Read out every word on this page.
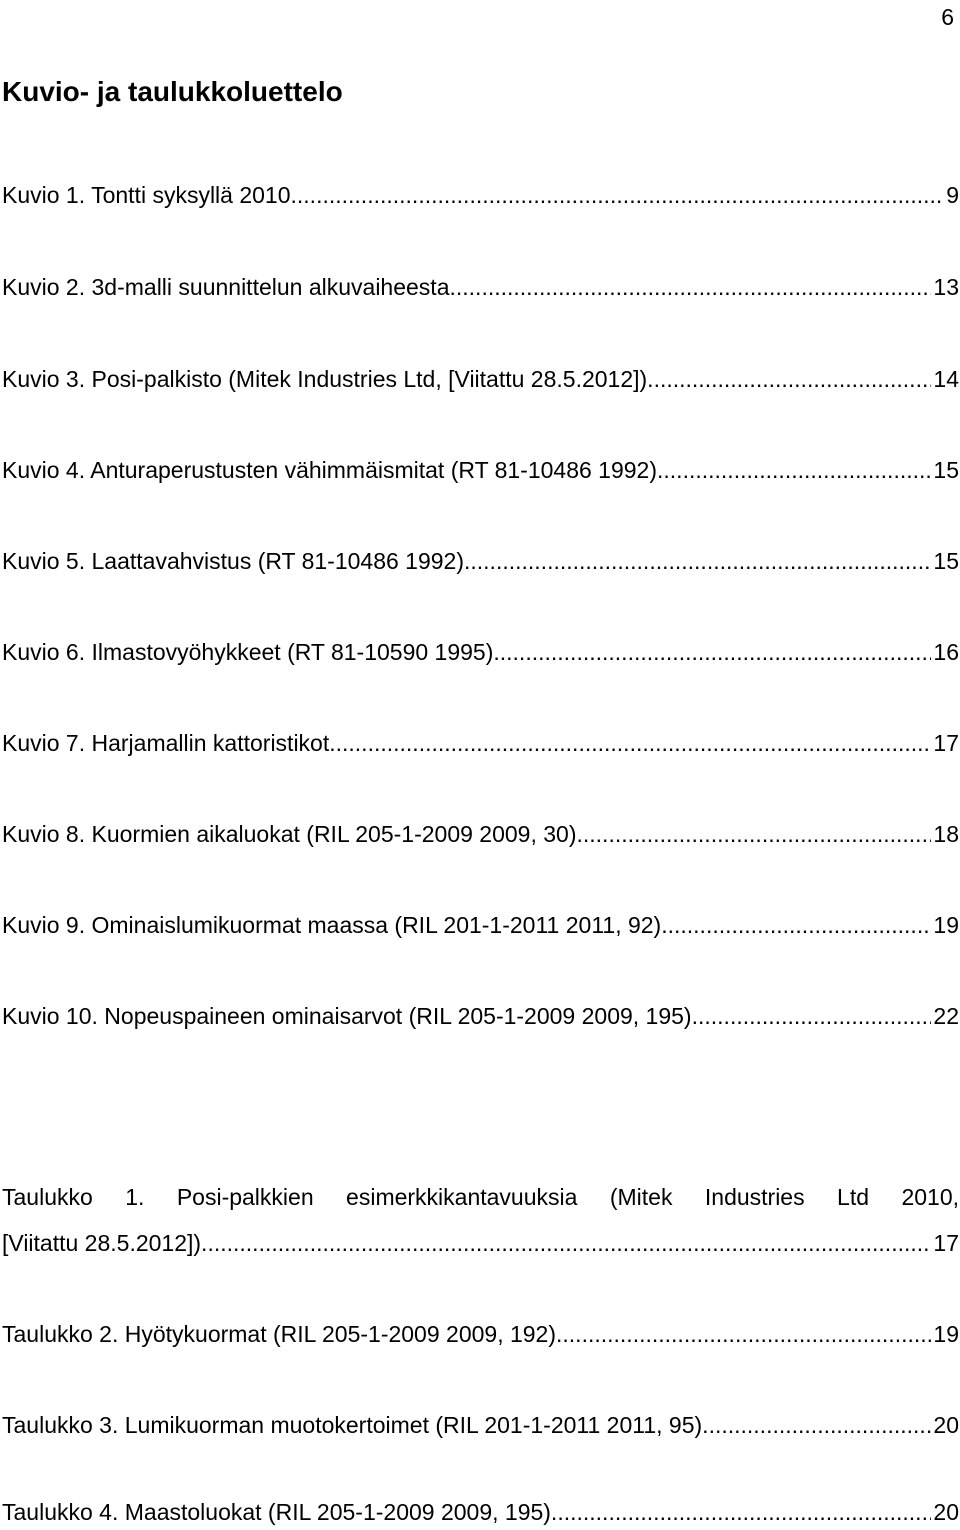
6
Kuvio- ja taulukkoluettelo
Kuvio 1. Tontti syksyllä 2010. .....	9
Kuvio 2. 3d-malli suunnittelun alkuvaiheesta. .....	13
Kuvio 3. Posi-palkisto (Mitek Industries Ltd, [Viitattu 28.5.2012]). .....	14
Kuvio 4. Anturaperustusten vähimmäismitat (RT 81-10486 1992). .....	15
Kuvio 5. Laattavahvistus (RT 81-10486 1992). .....	15
Kuvio 6. Ilmastovyöhykkeet (RT 81-10590 1995). .....	16
Kuvio 7. Harjamallin kattoristikot. .....	17
Kuvio 8. Kuormien aikaluokat (RIL 205-1-2009 2009, 30). .....	18
Kuvio 9. Ominaislumikuormat maassa (RIL 201-1-2011 2011, 92). .....	19
Kuvio 10. Nopeuspaineen ominaisarvot (RIL 205-1-2009 2009, 195) .....	22
Taulukko 1. Posi-palkkien esimerkkikantavuuksia (Mitek Industries Ltd 2010,
[Viitattu 28.5.2012]). .....	17
Taulukko 2. Hyötykuormat (RIL 205-1-2009 2009, 192). .....	19
Taulukko 3. Lumikuorman muotokertoimet (RIL 201-1-2011 2011, 95). .....	20
Taulukko 4. Maastoluokat (RIL 205-1-2009 2009, 195). .....	20
